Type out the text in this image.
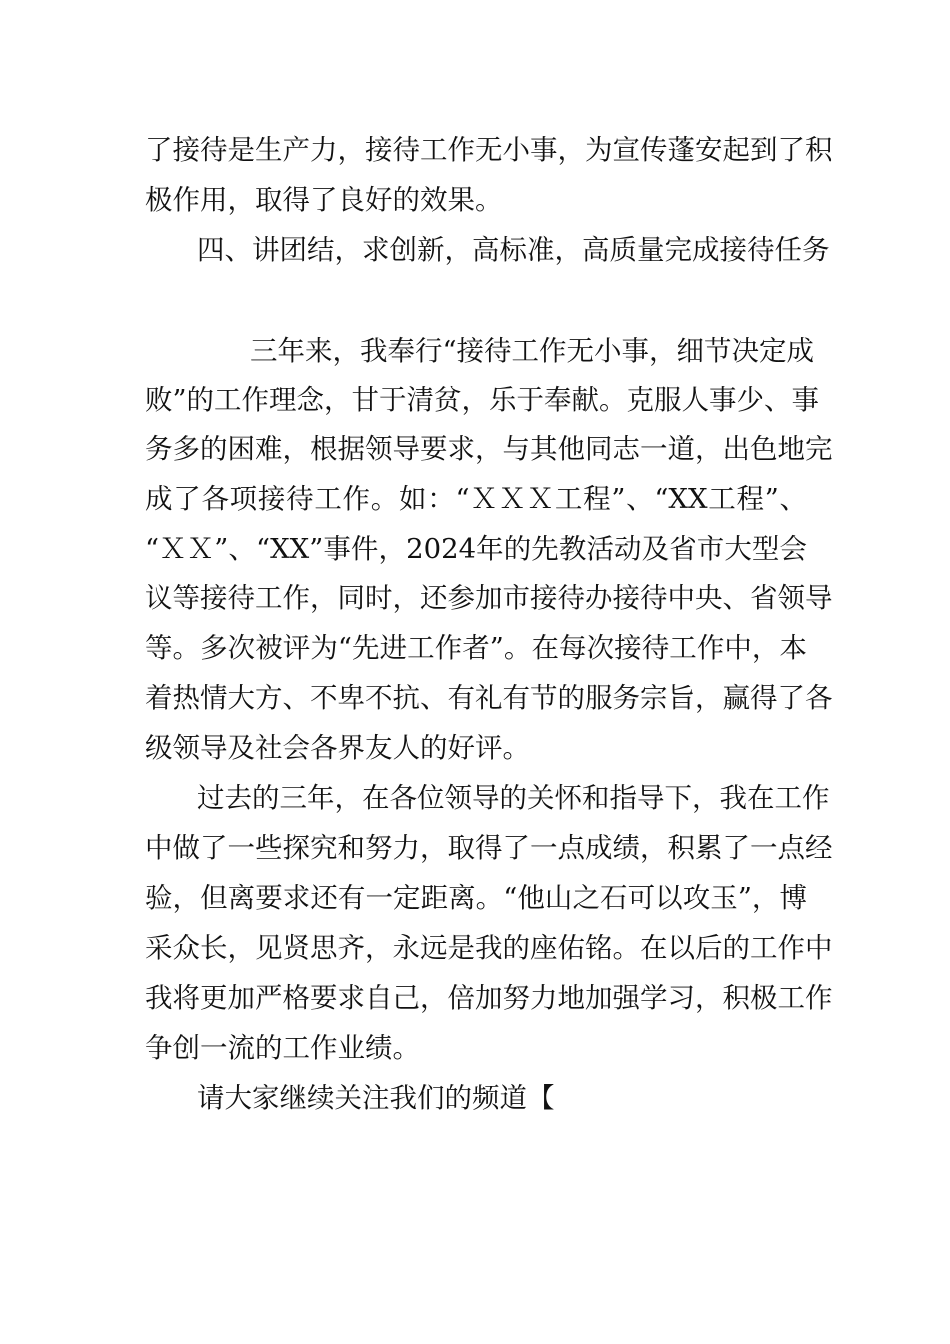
了接待是生产力，接待工作无小事，为宣传蓬安起到了积
极作用，取得了良好的效果。
四、讲团结，求创新，高标准，高质量完成接待任务
三年来，我奉行“接待工作无小事，细节决定成
败”的工作理念，甘于清贫，乐于奉献。克服人事少、事
务多的困难，根据领导要求，与其他同志一道，出色地完
成了各项接待工作。如：“ＸＸＸ工程”、“XX工程”、
“ＸＸ”、“XX”事件，2024年的先教活动及省市大型会
议等接待工作，同时，还参加市接待办接待中央、省领导
等。多次被评为“先进工作者”。在每次接待工作中，本
着热情大方、不卑不抗、有礼有节的服务宗旨，赢得了各
级领导及社会各界友人的好评。
过去的三年，在各位领导的关怀和指导下，我在工作
中做了一些探究和努力，取得了一点成绩，积累了一点经
验，但离要求还有一定距离。“他山之石可以攻玉”，博
采众长，见贤思齐，永远是我的座佑铭。在以后的工作中
我将更加严格要求自己，倍加努力地加强学习，积极工作
争创一流的工作业绩。
请大家继续关注我们的频道【
